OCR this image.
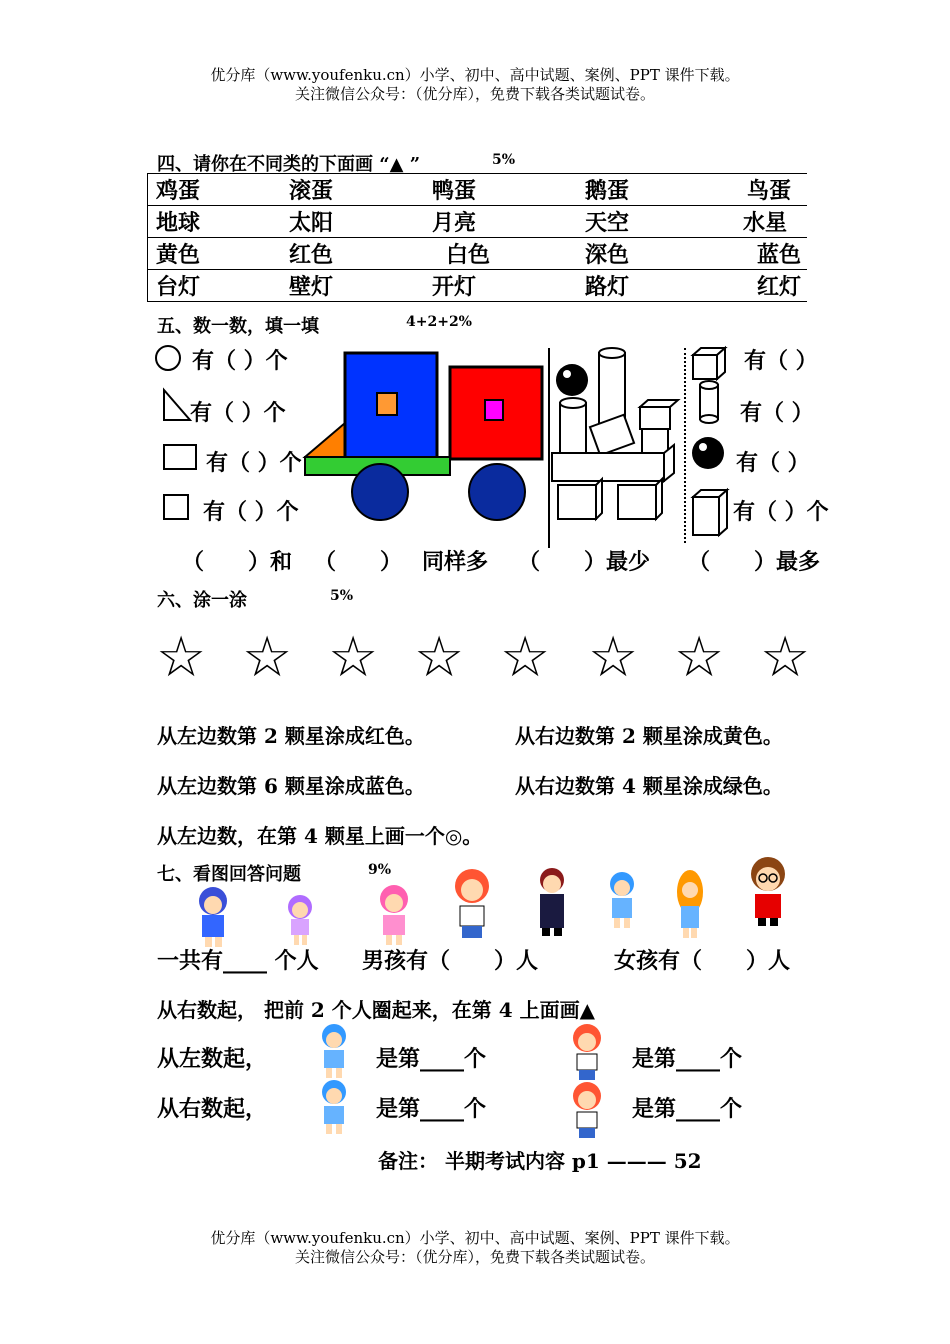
优分库（www.youfenku.cn）小学、初中、高中试题、案例、PPT 课件下载。
关注微信公众号：（优分库），免费下载各类试题试卷。
四、请你在不同类的下面画 “▲ ”	5%
鸡蛋	滚蛋	鸭蛋	鹅蛋	鸟蛋
地球	太阳	月亮	天空	水星
黄色	红色	白色	深色	蓝色
台灯	壁灯	开灯	路灯	红灯
五、数一数，填一填	4+2+2%
有（ ）个
有（ ）个
有（ ）个
有（ ）个
有（ ）
有（ ）
有（ ）
有（ ）个
（　　）和 （　　） 同样多 （　　）最少 （　　）最多
六、涂一涂	5%
☆ ☆ ☆ ☆ ☆ ☆ ☆ ☆
从左边数第 2 颗星涂成红色。	从右边数第 2 颗星涂成黄色。
从左边数第 6 颗星涂成蓝色。	从右边数第 4 颗星涂成绿色。
从左边数，在第 4 颗星上画一个◎。
七、看图回答问题	9%
一共有____ 个人 男孩有（　　）人	女孩有（　　）人
从右数起， 把前 2 个人圈起来，在第 4 上面画▲
从左数起，
从右数起，
是第____个	是第____个
是第____个	是第____个
备注： 半期考试内容 p1 ——— 52
优分库（www.youfenku.cn）小学、初中、高中试题、案例、PPT 课件下载。
关注微信公众号：（优分库），免费下载各类试题试卷。
